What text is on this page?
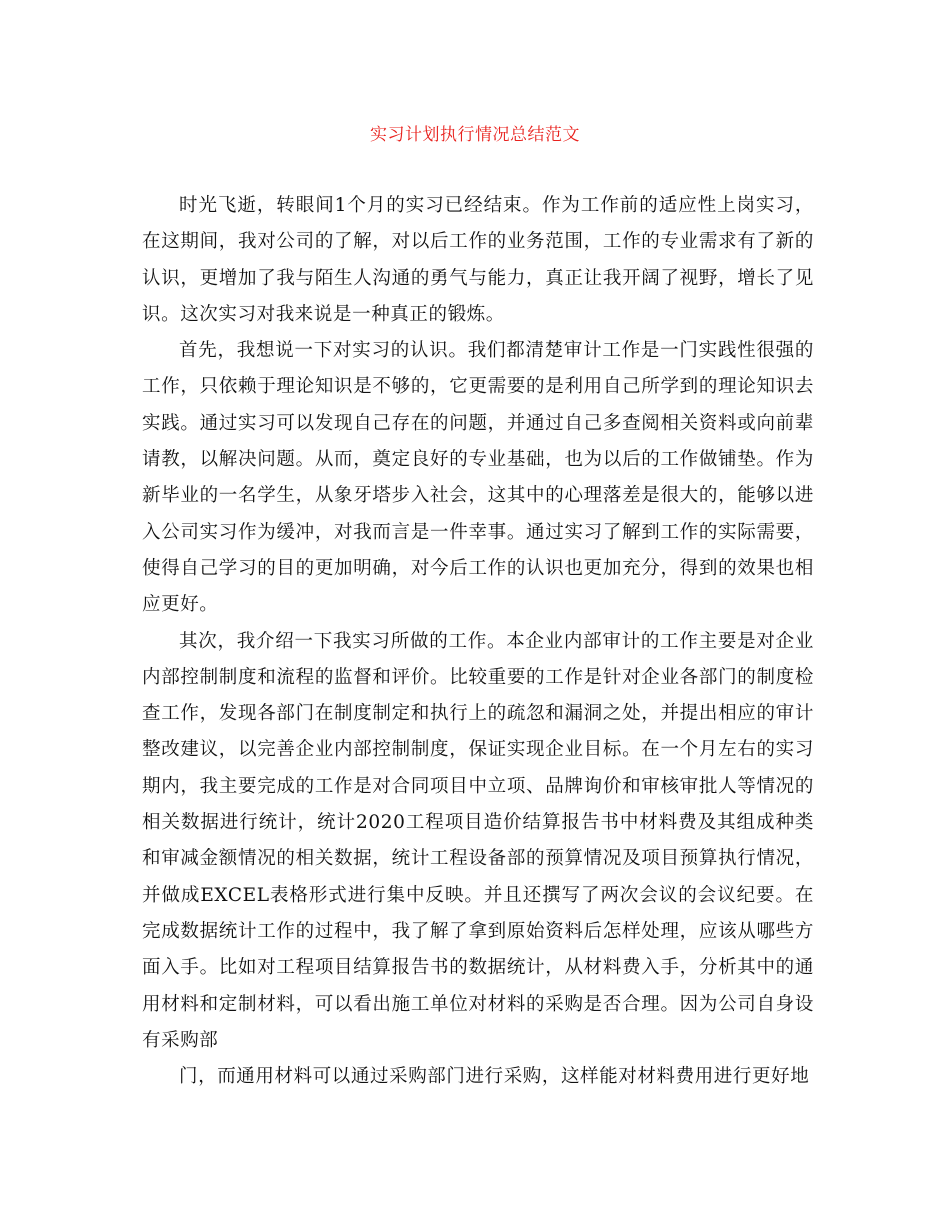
实习计划执行情况总结范文

时光飞逝，转眼间1个月的实习已经结束。作为工作前的适应性上岗实习，在这期间，我对公司的了解，对以后工作的业务范围，工作的专业需求有了新的认识，更增加了我与陌生人沟通的勇气与能力，真正让我开阔了视野，增长了见识。这次实习对我来说是一种真正的锻炼。

首先，我想说一下对实习的认识。我们都清楚审计工作是一门实践性很强的工作，只依赖于理论知识是不够的，它更需要的是利用自己所学到的理论知识去实践。通过实习可以发现自己存在的问题，并通过自己多查阅相关资料或向前辈请教，以解决问题。从而，奠定良好的专业基础，也为以后的工作做铺垫。作为新毕业的一名学生，从象牙塔步入社会，这其中的心理落差是很大的，能够以进入公司实习作为缓冲，对我而言是一件幸事。通过实习了解到工作的实际需要，使得自己学习的目的更加明确，对今后工作的认识也更加充分，得到的效果也相应更好。

其次，我介绍一下我实习所做的工作。本企业内部审计的工作主要是对企业内部控制制度和流程的监督和评价。比较重要的工作是针对企业各部门的制度检查工作，发现各部门在制度制定和执行上的疏忽和漏洞之处，并提出相应的审计整改建议，以完善企业内部控制制度，保证实现企业目标。在一个月左右的实习期内，我主要完成的工作是对合同项目中立项、品牌询价和审核审批人等情况的相关数据进行统计，统计2020工程项目造价结算报告书中材料费及其组成种类和审减金额情况的相关数据，统计工程设备部的预算情况及项目预算执行情况，并做成EXCEL表格形式进行集中反映。并且还撰写了两次会议的会议纪要。在完成数据统计工作的过程中，我了解了拿到原始资料后怎样处理，应该从哪些方面入手。比如对工程项目结算报告书的数据统计，从材料费入手，分析其中的通用材料和定制材料，可以看出施工单位对材料的采购是否合理。因为公司自身设有采购部

门，而通用材料可以通过采购部门进行采购，这样能对材料费用进行更好地
